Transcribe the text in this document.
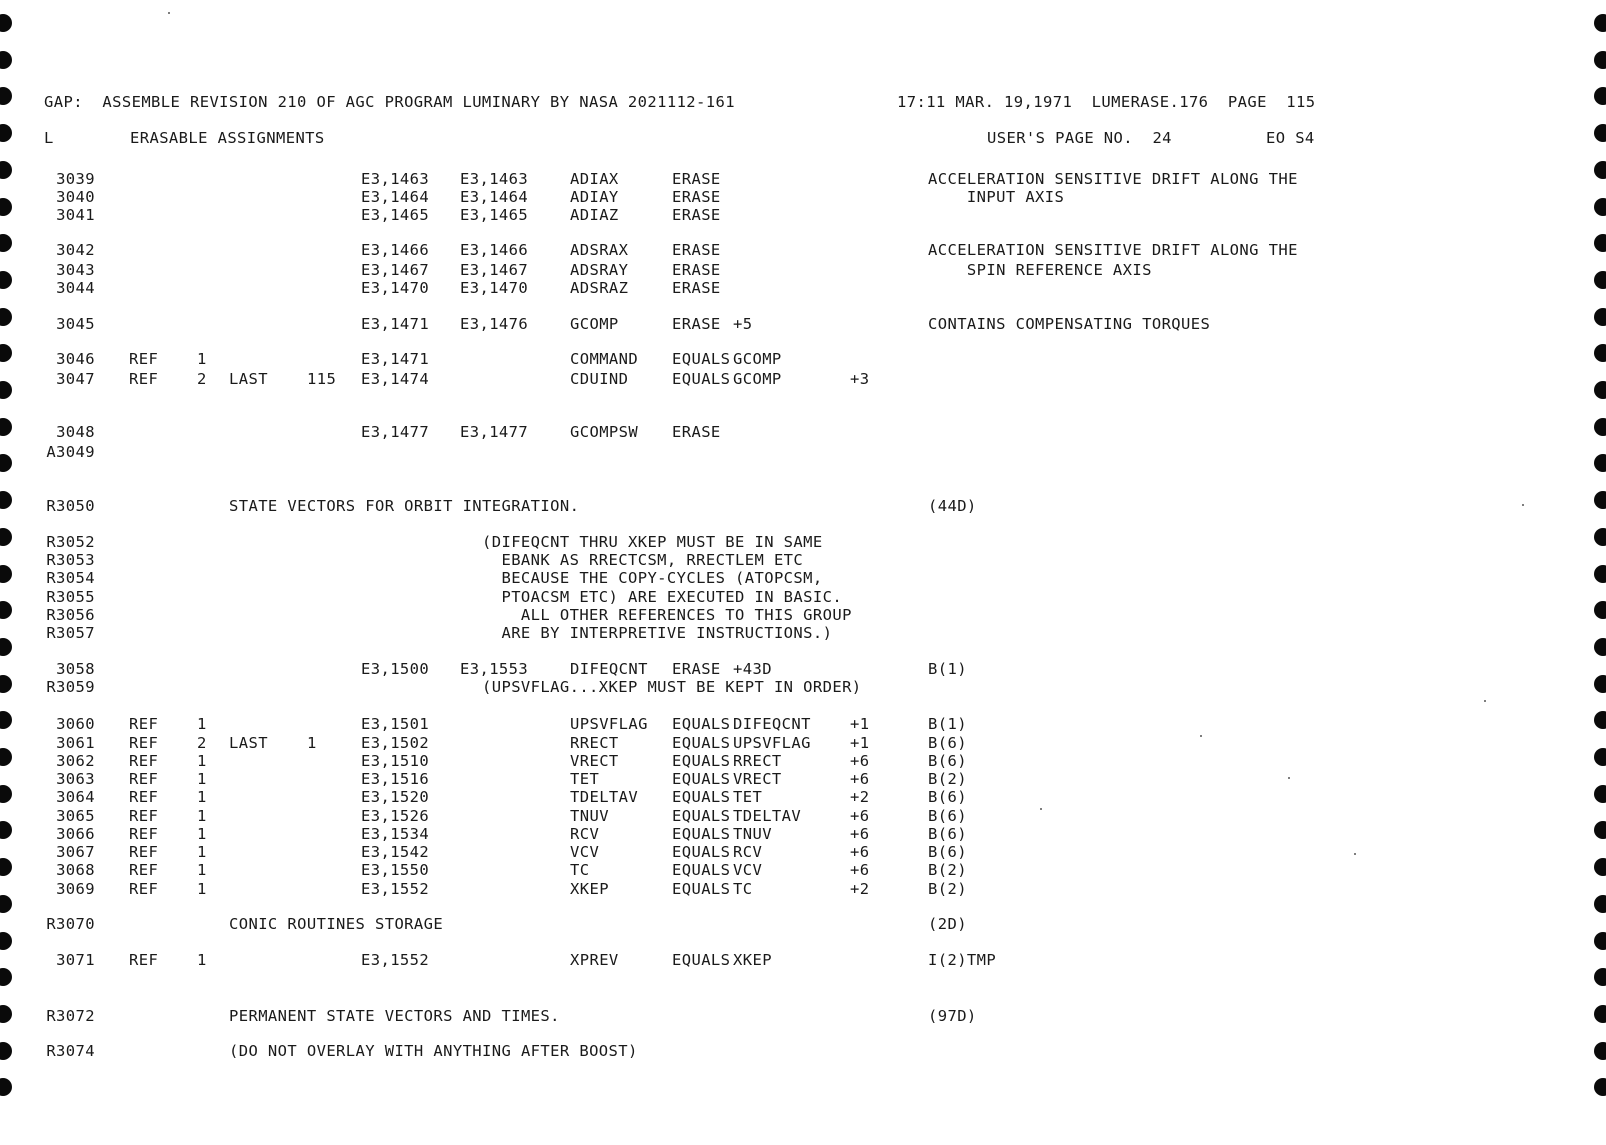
GAP:  ASSEMBLE REVISION 210 OF AGC PROGRAM LUMINARY BY NASA 2021112-161	17:11 MAR. 19,1971  LUMERASE.176  PAGE  115
L	ERASABLE ASSIGNMENTS	USER'S PAGE NO.  24	EO S4
3039	E3,1463 E3,1463	ADIAX	ERASE	ACCELERATION SENSITIVE DRIFT ALONG THE
3040	E3,1464 E3,1464	ADIAY	ERASE	INPUT AXIS
3041	E3,1465 E3,1465	ADIAZ	ERASE
3042	E3,1466 E3,1466	ADSRAX	ERASE	ACCELERATION SENSITIVE DRIFT ALONG THE
3043	E3,1467 E3,1467	ADSRAY	ERASE	SPIN REFERENCE AXIS
3044	E3,1470 E3,1470	ADSRAZ	ERASE
3045	E3,1471 E3,1476	GCOMP	ERASE +5	CONTAINS COMPENSATING TORQUES
3046 REF	1	E3,1471	COMMAND EQUALS GCOMP
3047 REF	2 LAST	115 E3,1474	CDUIND	EQUALS GCOMP	+3
3048	E3,1477 E3,1477	GCOMPSW ERASE
A3049
R3050	STATE VECTORS FOR ORBIT INTEGRATION.	(44D)
R3052	(DIFEQCNT THRU XKEP MUST BE IN SAME
R3053	EBANK AS RRECTCSM, RRECTLEM ETC
R3054	BECAUSE THE COPY-CYCLES (ATOPCSM,
R3055	PTOACSM ETC) ARE EXECUTED IN BASIC.
R3056	ALL OTHER REFERENCES TO THIS GROUP
R3057	ARE BY INTERPRETIVE INSTRUCTIONS.)
3058	E3,1500 E3,1553	DIFEQCNT ERASE +43D	B(1)
R3059	(UPSVFLAG...XKEP MUST BE KEPT IN ORDER)
3060 REF	1	E3,1501	UPSVFLAG EQUALS DIFEQCNT	+1	B(1)
3061 REF	2 LAST	1	E3,1502	RRECT	EQUALS UPSVFLAG	+1	B(6)
3062 REF	1	E3,1510	VRECT	EQUALS RRECT	+6	B(6)
3063 REF	1	E3,1516	TET	EQUALS VRECT	+6	B(2)
3064 REF	1	E3,1520	TDELTAV EQUALS TET	+2	B(6)
3065 REF	1	E3,1526	TNUV	EQUALS TDELTAV	+6	B(6)
3066 REF	1	E3,1534	RCV	EQUALS TNUV	+6	B(6)
3067 REF	1	E3,1542	VCV	EQUALS RCV	+6	B(6)
3068 REF	1	E3,1550	TC	EQUALS VCV	+6	B(2)
3069 REF	1	E3,1552	XKEP	EQUALS TC	+2	B(2)
R3070	CONIC ROUTINES STORAGE	(2D)
3071 REF	1	E3,1552	XPREV	EQUALS XKEP	I(2)TMP
R3072	PERMANENT STATE VECTORS AND TIMES.	(97D)
R3074	(DO NOT OVERLAY WITH ANYTHING AFTER BOOST)
